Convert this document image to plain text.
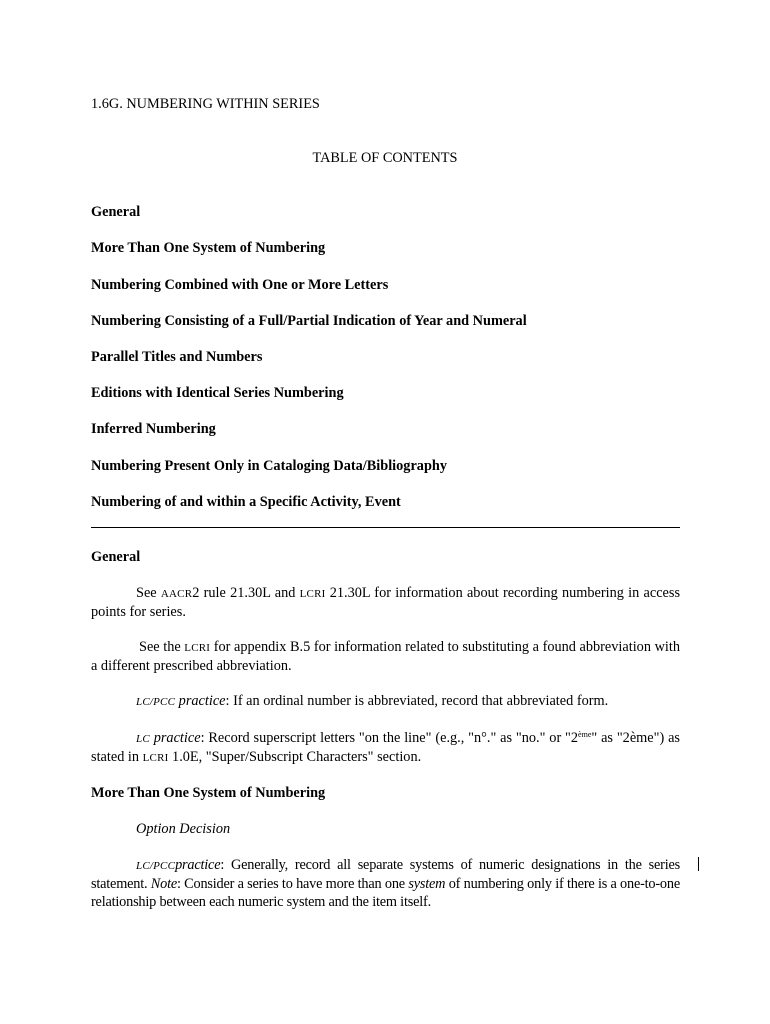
1.6G. NUMBERING WITHIN SERIES
TABLE OF CONTENTS
General
More Than One System of Numbering
Numbering Combined with One or More Letters
Numbering Consisting of a Full/Partial Indication of Year and Numeral
Parallel Titles and Numbers
Editions with Identical Series Numbering
Inferred Numbering
Numbering Present Only in Cataloging Data/Bibliography
Numbering of and within a Specific Activity, Event
General
See AACR2 rule 21.30L and LCRI 21.30L for information about recording numbering in access points for series.
See the LCRI for appendix B.5 for information related to substituting a found abbreviation with a different prescribed abbreviation.
LC/PCC practice: If an ordinal number is abbreviated, record that abbreviated form.
LC practice: Record superscript letters "on the line" (e.g., "n°." as "no." or "2ème" as "2ème") as stated in LCRI 1.0E, "Super/Subscript Characters" section.
More Than One System of Numbering
Option Decision
LC/PCCpractice: Generally, record all separate systems of numeric designations in the series statement. Note: Consider a series to have more than one system of numbering only if there is a one-to-one relationship between each numeric system and the item itself.
